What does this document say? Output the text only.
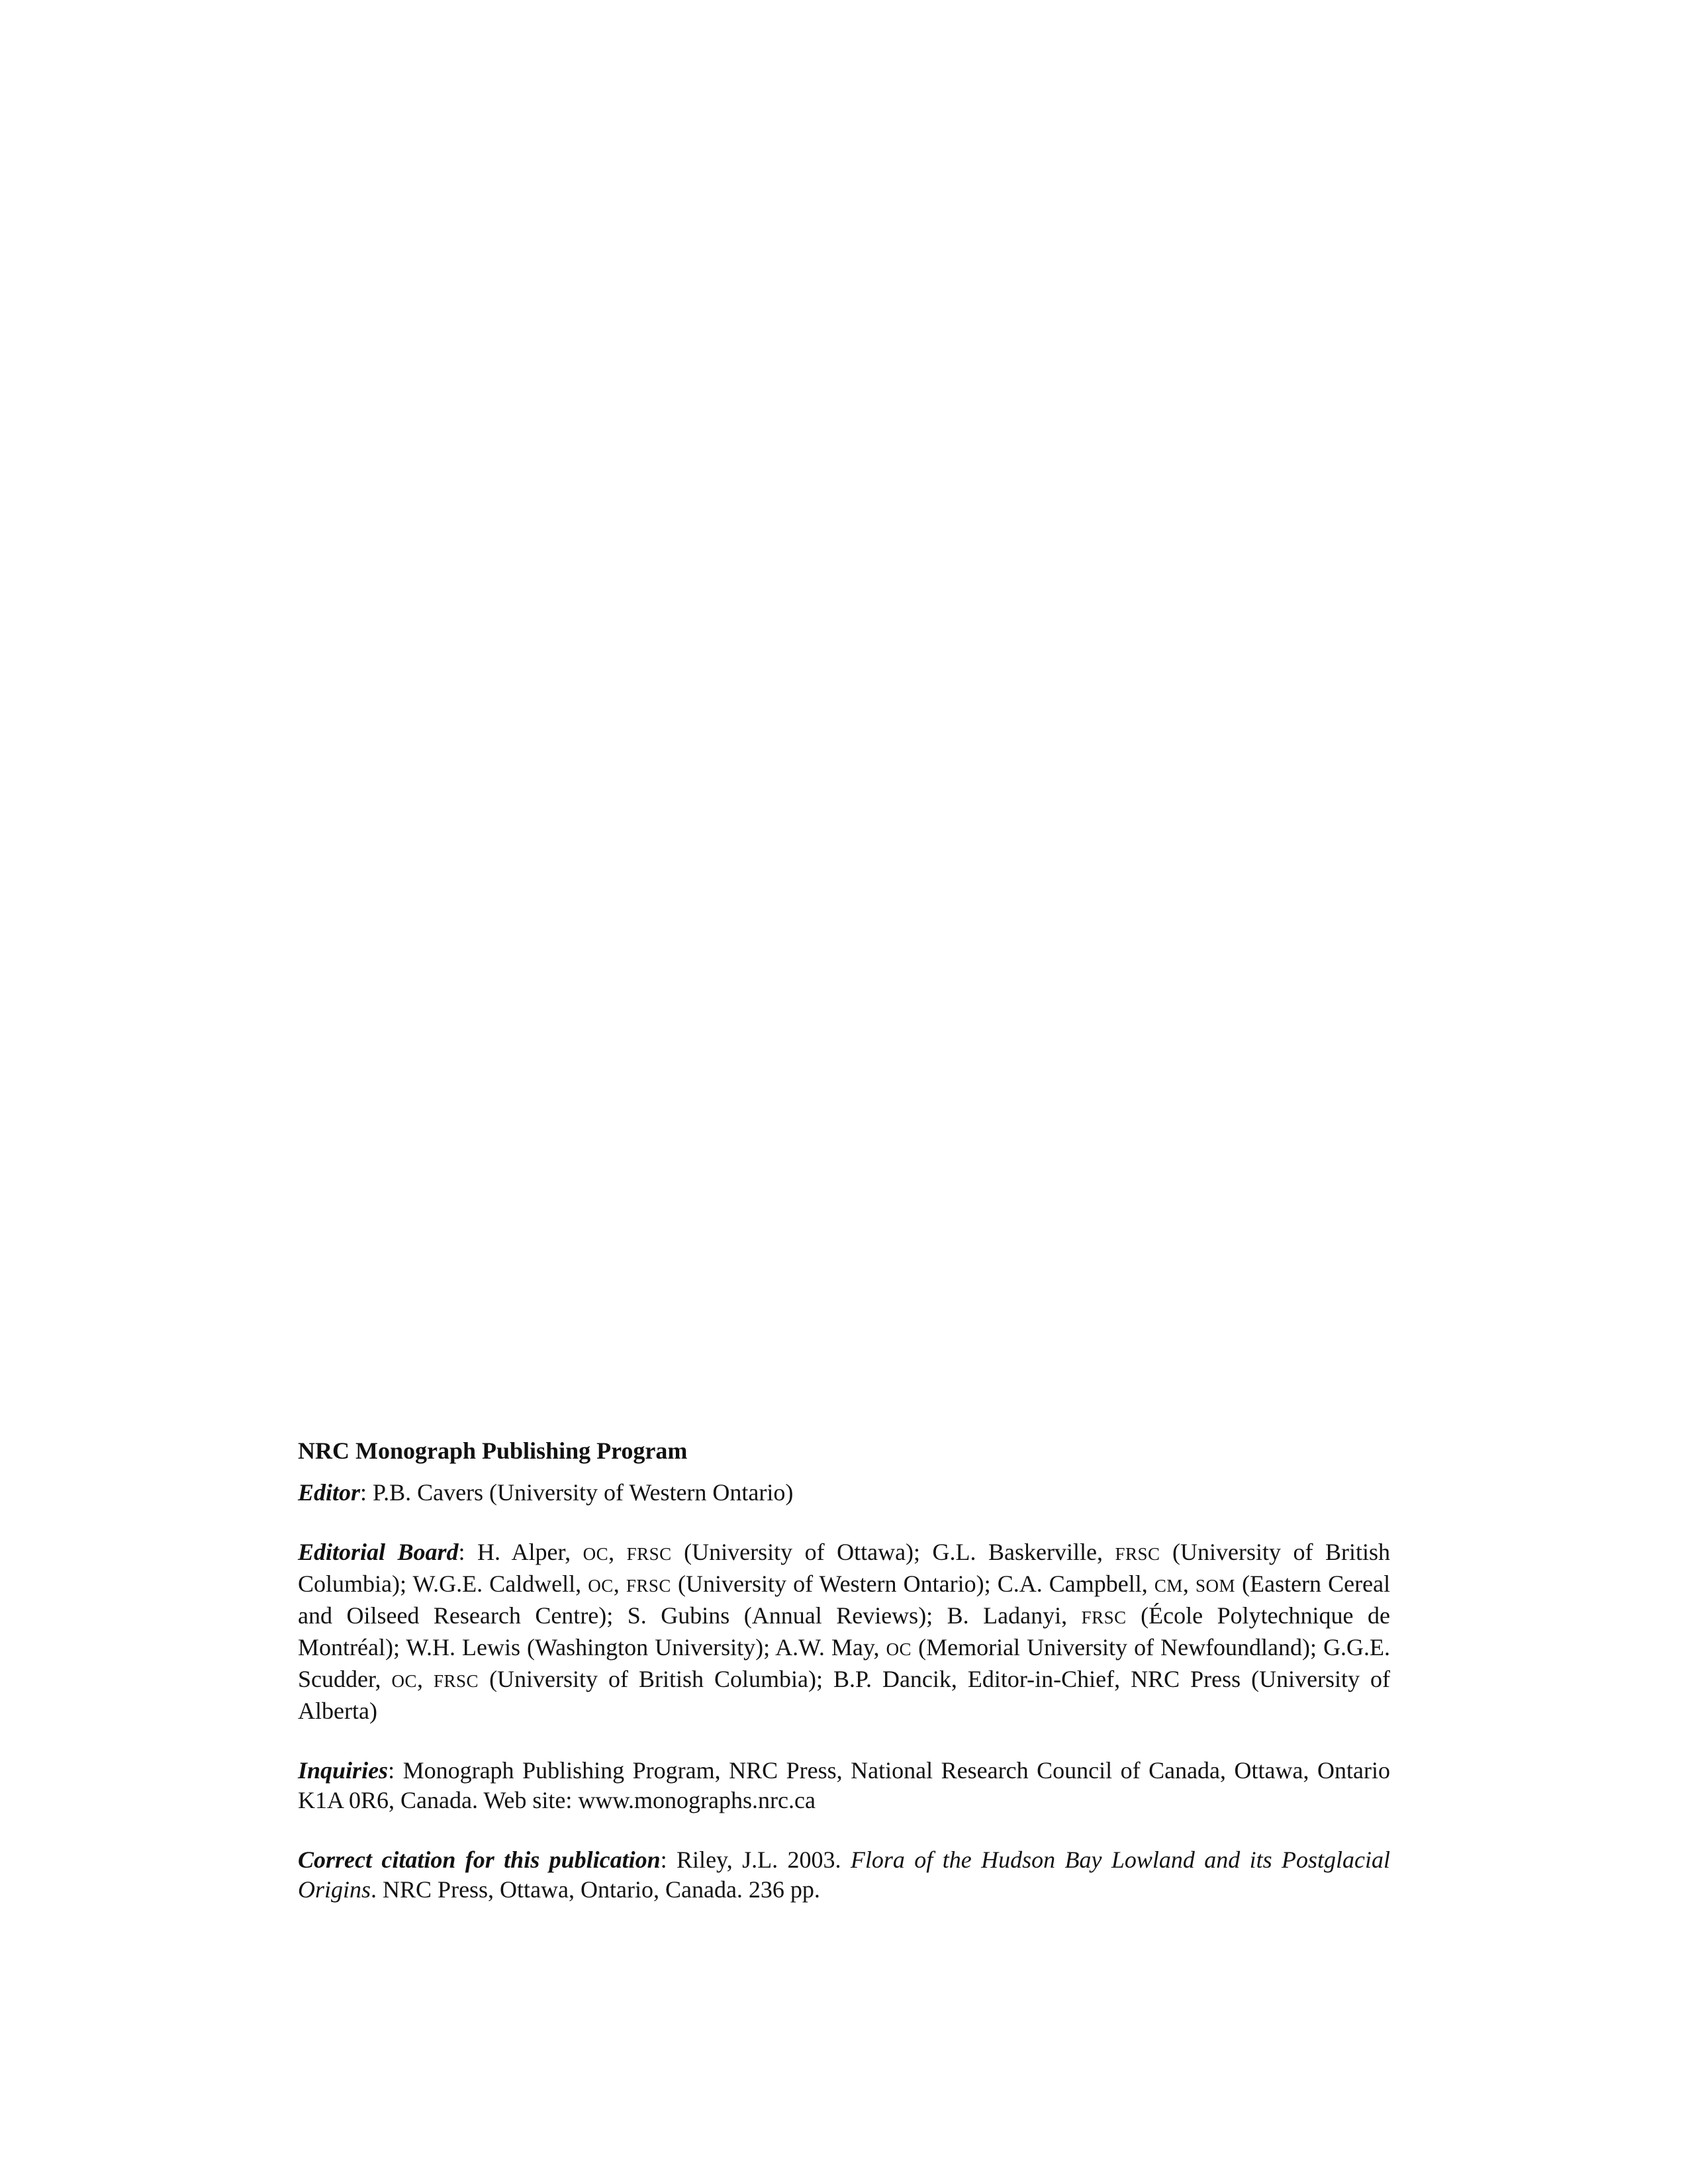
NRC Monograph Publishing Program

Editor: P.B. Cavers (University of Western Ontario)

Editorial Board: H. Alper, OC, FRSC (University of Ottawa); G.L. Baskerville, FRSC (University of British Columbia); W.G.E. Caldwell, OC, FRSC (University of Western Ontario); C.A. Campbell, CM, SOM (Eastern Cereal and Oilseed Research Centre); S. Gubins (Annual Reviews); B. Ladanyi, FRSC (École Polytechnique de Montréal); W.H. Lewis (Washington University); A.W. May, OC (Memorial University of Newfoundland); G.G.E. Scudder, OC, FRSC (University of British Columbia); B.P. Dancik, Editor-in-Chief, NRC Press (University of Alberta)

Inquiries: Monograph Publishing Program, NRC Press, National Research Council of Canada, Ottawa, Ontario K1A 0R6, Canada. Web site: www.monographs.nrc.ca

Correct citation for this publication: Riley, J.L. 2003. Flora of the Hudson Bay Lowland and its Postglacial Origins. NRC Press, Ottawa, Ontario, Canada. 236 pp.
